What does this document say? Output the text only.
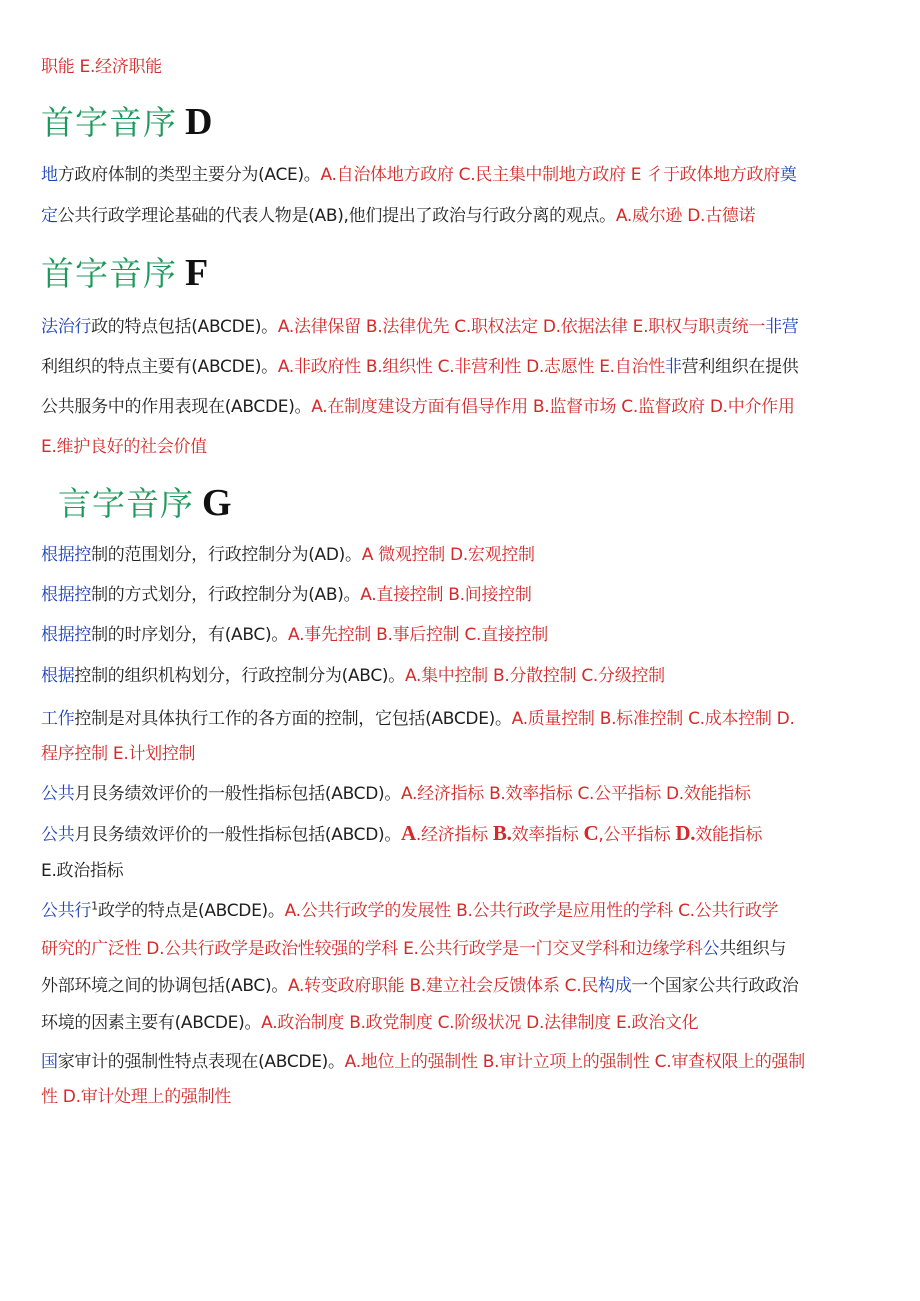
职能 E.经济职能
首字音序 D
地方政府体制的类型主要分为(ACE)。A.自治体地方政府 C.民主集中制地方政府 E 彳于政体地方政府奠
定公共行政学理论基础的代表人物是(AB),他们提出了政治与行政分离的观点。A.威尔逊 D.古德诺
首字音序 F
法治行政的特点包括(ABCDE)。A.法律保留 B.法律优先 C.职权法定 D.依据法律 E.职权与职责统一非营
利组织的特点主要有(ABCDE)。A.非政府性 B.组织性 C.非营利性 D.志愿性 E.自治性非营利组织在提供
公共服务中的作用表现在(ABCDE)。A.在制度建设方面有倡导作用 B.监督市场 C.监督政府 D.中介作用
E.维护良好的社会价值
言字音序 G
根据控制的范围划分，行政控制分为(AD)。A 微观控制 D.宏观控制
根据控制的方式划分，行政控制分为(AB)。A.直接控制 B.间接控制
根据控制的时序划分，有(ABC)。A.事先控制 B.事后控制 C.直接控制
根据控制的组织机构划分，行政控制分为(ABC)。A.集中控制 B.分散控制 C.分级控制
工作控制是对具体执行工作的各方面的控制，它包括(ABCDE)。A.质量控制 B.标准控制 C.成本控制 D.
程序控制 E.计划控制
公共月艮务绩效评价的一般性指标包括(ABCD)。A.经济指标 B.效率指标 C.公平指标 D.效能指标
公共月艮务绩效评价的一般性指标包括(ABCD)。A.经济指标 B.效率指标 C,公平指标 D.效能指标
E.政治指标
公共行$^1$政学的特点是(ABCDE)。A.公共行政学的发展性 B.公共行政学是应用性的学科 C.公共行政学
研究的广泛性 D.公共行政学是政治性较强的学科 E.公共行政学是一门交叉学科和边缘学科公共组织与
外部环境之间的协调包括(ABC)。A.转变政府职能 B.建立社会反馈体系 C.民构成一个国家公共行政政治
环境的因素主要有(ABCDE)。A.政治制度 B.政党制度 C.阶级状况 D.法律制度 E.政治文化
国家审计的强制性特点表现在(ABCDE)。A.地位上的强制性 B.审计立项上的强制性 C.审查权限上的强制
性 D.审计处理上的强制性
